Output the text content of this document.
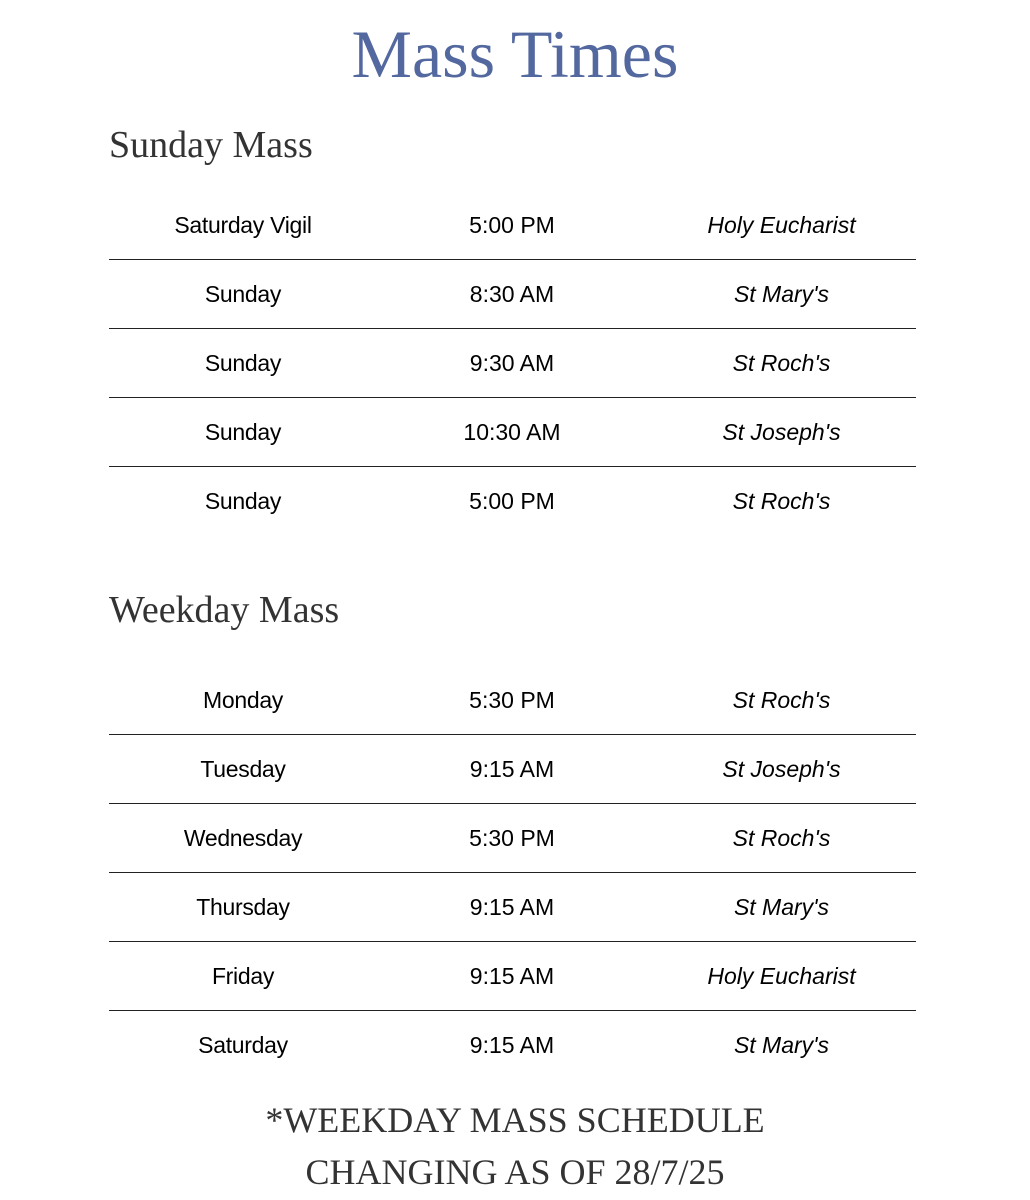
Mass Times
Sunday Mass
Saturday Vigil	5:00 PM	Holy Eucharist
Sunday	8:30 AM	St Mary's
Sunday	9:30 AM	St Roch's
Sunday	10:30 AM	St Joseph's
Sunday	5:00 PM	St Roch's
Weekday Mass
Monday	5:30 PM	St Roch's
Tuesday	9:15 AM	St Joseph's
Wednesday	5:30 PM	St Roch's
Thursday	9:15 AM	St Mary's
Friday	9:15 AM	Holy Eucharist
Saturday	9:15 AM	St Mary's
*WEEKDAY MASS SCHEDULE
CHANGING AS OF 28/7/25
